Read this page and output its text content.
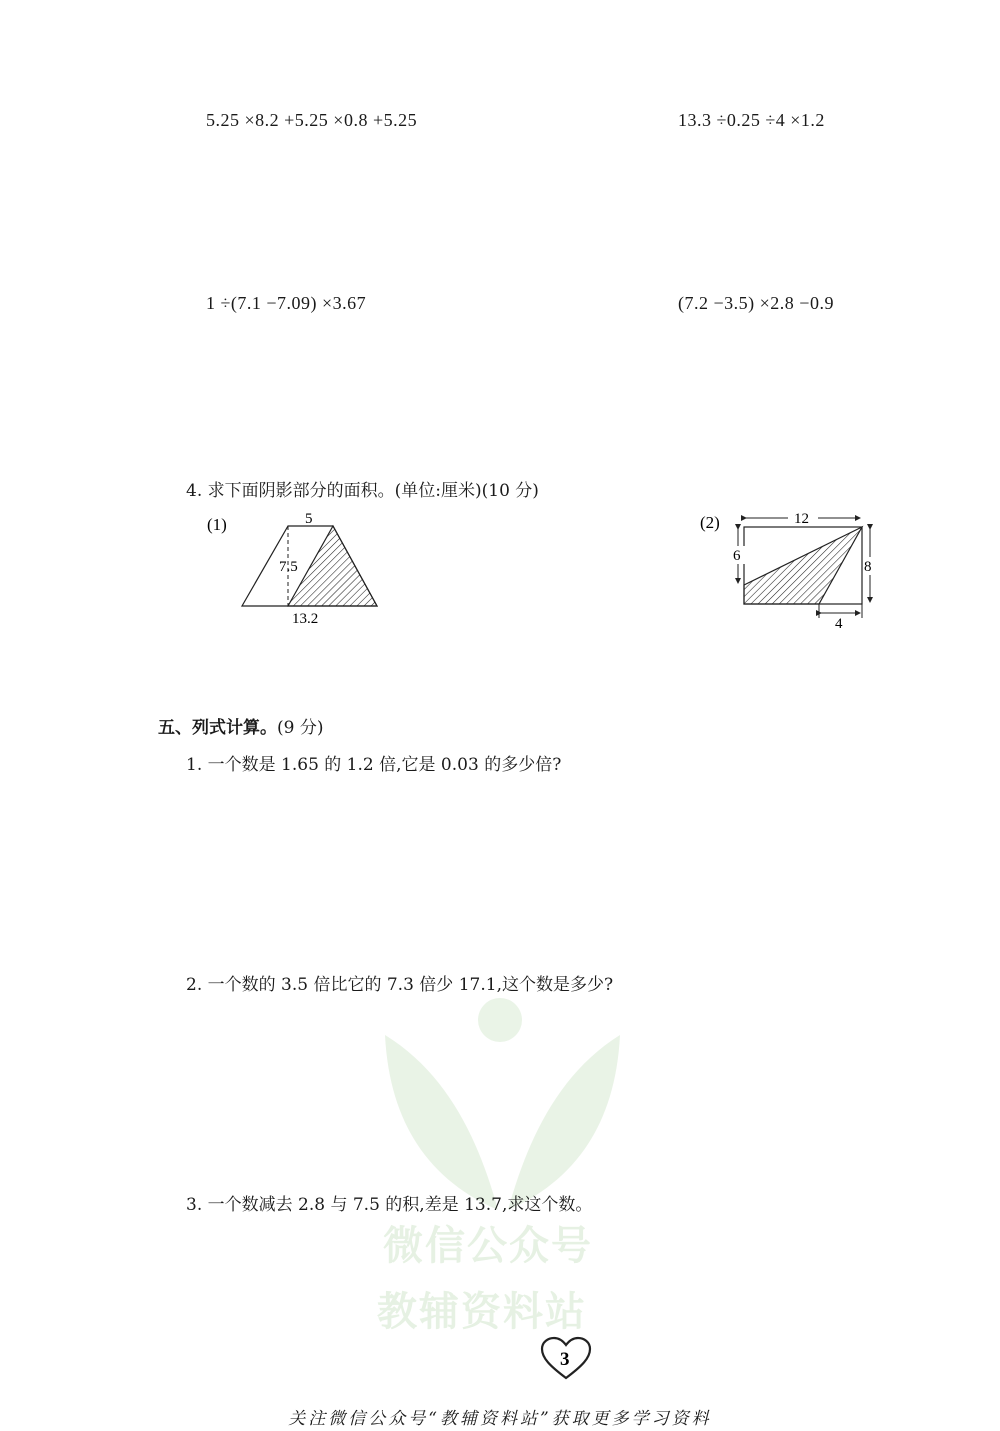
微信公众号
教辅资料站
5.25 ×8.2 +5.25 ×0.8 +5.25	13.3 ÷0.25 ÷4 ×1.2
1 ÷(7.1 −7.09) ×3.67	(7.2 −3.5) ×2.8 −0.9
4. 求下面阴影部分的面积。(单位:厘米)(10 分)
(1)	5
7.5
13.2
(2)	12
6
8
4
五、列式计算。(9 分)
1. 一个数是 1.65 的 1.2 倍,它是 0.03 的多少倍?
2. 一个数的 3.5 倍比它的 7.3 倍少 17.1,这个数是多少?
3. 一个数减去 2.8 与 7.5 的积,差是 13.7,求这个数。
3
关注微信公众号“教辅资料站”获取更多学习资料
